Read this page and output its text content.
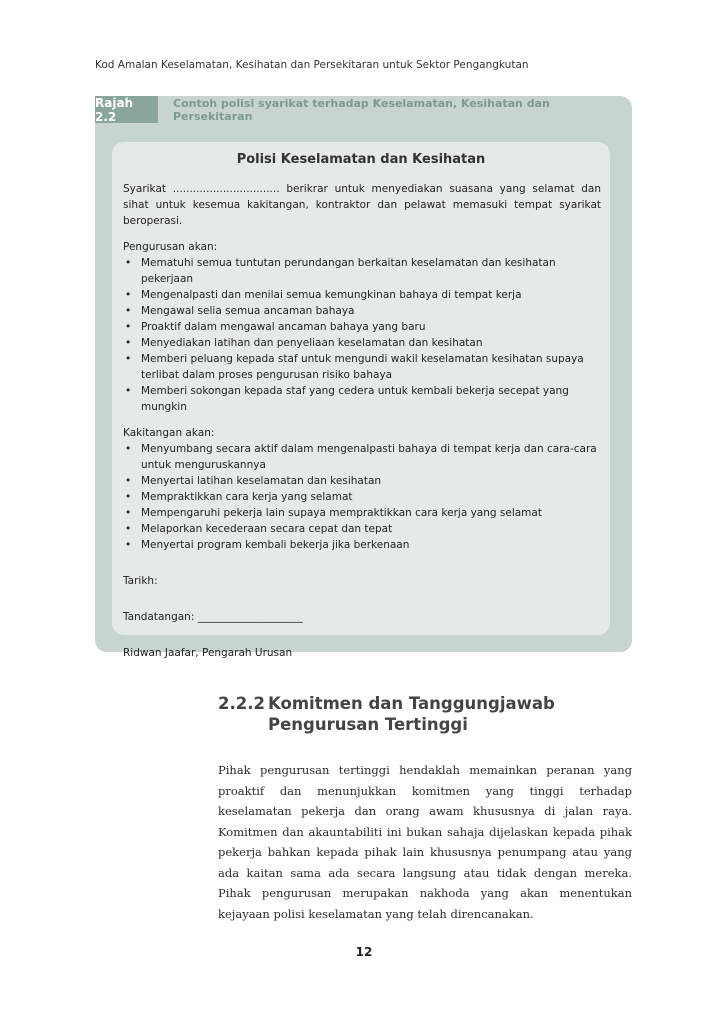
Kod Amalan Keselamatan, Kesihatan dan Persekitaran untuk Sektor Pengangkutan
Rajah 2.2
Contoh polisi syarikat terhadap Keselamatan, Kesihatan dan Persekitaran
Polisi Keselamatan dan Kesihatan

Syarikat ................................ berikrar untuk menyediakan suasana yang selamat dan sihat untuk kesemua kakitangan, kontraktor dan pelawat memasuki tempat syarikat beroperasi.

Pengurusan akan:
• Mematuhi semua tuntutan perundangan berkaitan keselamatan dan kesihatan pekerjaan
• Mengenalpasti dan menilai semua kemungkinan bahaya di tempat kerja
• Mengawal selia semua ancaman bahaya
• Proaktif dalam mengawal ancaman bahaya yang baru
• Menyediakan latihan dan penyeliaan keselamatan dan kesihatan
• Memberi peluang kepada staf untuk mengundi wakil keselamatan kesihatan supaya terlibat dalam proses pengurusan risiko bahaya
• Memberi sokongan kepada staf yang cedera untuk kembali bekerja secepat yang mungkin
Kakitangan akan:
• Menyumbang secara aktif dalam mengenalpasti bahaya di tempat kerja dan cara-cara untuk menguruskannya
• Menyertai latihan keselamatan dan kesihatan
• Mempraktikkan cara kerja yang selamat
• Mempengaruhi pekerja lain supaya mempraktikkan cara kerja yang selamat
• Melaporkan kecederaan secara cepat dan tepat
• Menyertai program kembali bekerja jika berkenaan
Tarikh:
Tandatangan: ____________________
Ridwan Jaafar, Pengarah Urusan
2.2.2 Komitmen dan Tanggungjawab Pengurusan Tertinggi

Pihak pengurusan tertinggi hendaklah memainkan peranan yang proaktif dan menunjukkan komitmen yang tinggi terhadap keselamatan pekerja dan orang awam khususnya di jalan raya. Komitmen dan akauntabiliti ini bukan sahaja dijelaskan kepada pihak pekerja bahkan kepada pihak lain khususnya penumpang atau yang ada kaitan sama ada secara langsung atau tidak dengan mereka. Pihak pengurusan merupakan nakhoda yang akan menentukan kejayaan polisi keselamatan yang telah direncanakan.

12
